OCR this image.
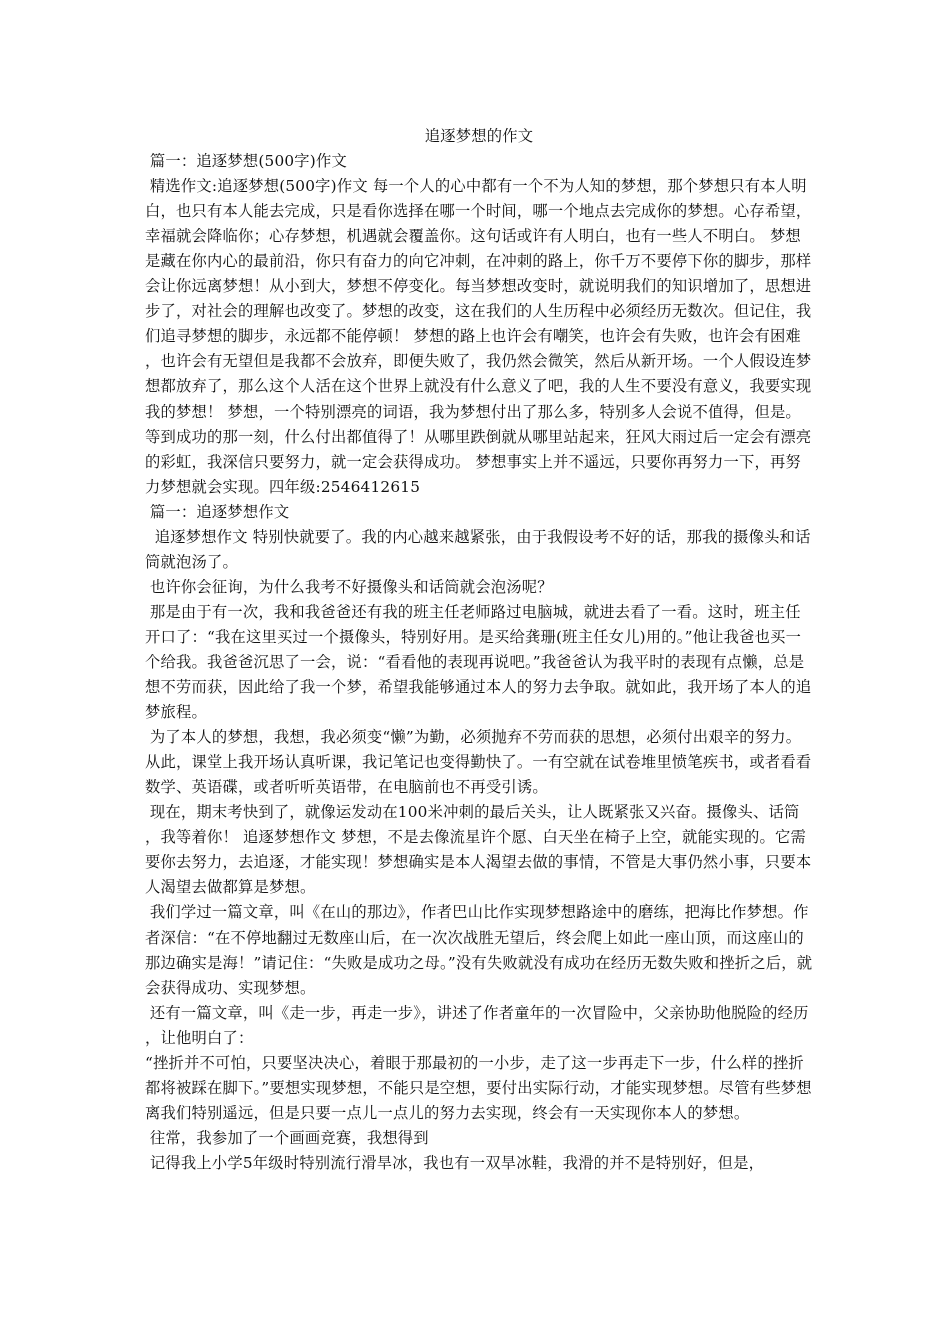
追逐梦想的作文

篇一：追逐梦想(500字)作文

精选作文:追逐梦想(500字)作文 每一个人的心中都有一个不为人知的梦想，那个梦想只有本人明白，也只有本人能去完成，只是看你选择在哪一个时间，哪一个地点去完成你的梦想。心存希望，幸福就会降临你；心存梦想，机遇就会覆盖你。这句话或许有人明白，也有一些人不明白。 梦想是藏在你内心的最前沿，你只有奋力的向它冲刺，在冲刺的路上，你千万不要停下你的脚步，那样会让你远离梦想！从小到大，梦想不停变化。每当梦想改变时，就说明我们的知识增加了，思想进步了，对社会的理解也改变了。梦想的改变，这在我们的人生历程中必须经历无数次。但记住，我们追寻梦想的脚步，永远都不能停顿！ 梦想的路上也许会有嘲笑，也许会有失败，也许会有困难，也许会有无望但是我都不会放弃，即便失败了，我仍然会微笑，然后从新开场。一个人假设连梦想都放弃了，那么这个人活在这个世界上就没有什么意义了吧，我的人生不要没有意义，我要实现我的梦想！ 梦想，一个特别漂亮的词语，我为梦想付出了那么多，特别多人会说不值得，但是。等到成功的那一刻，什么付出都值得了！从哪里跌倒就从哪里站起来，狂风大雨过后一定会有漂亮的彩虹，我深信只要努力，就一定会获得成功。 梦想事实上并不遥远，只要你再努力一下，再努力梦想就会实现。四年级:2546412615

篇一：追逐梦想作文

追逐梦想作文 特别快就要了。我的内心越来越紧张，由于我假设考不好的话，那我的摄像头和话筒就泡汤了。

也许你会征询，为什么我考不好摄像头和话筒就会泡汤呢？

那是由于有一次，我和我爸爸还有我的班主任老师路过电脑城，就进去看了一看。这时，班主任开口了：“我在这里买过一个摄像头，特别好用。是买给龚珊(班主任女儿)用的。”他让我爸也买一个给我。我爸爸沉思了一会，说：“看看他的表现再说吧。”我爸爸认为我平时的表现有点懒，总是想不劳而获，因此给了我一个梦，希望我能够通过本人的努力去争取。就如此，我开场了本人的追梦旅程。

为了本人的梦想，我想，我必须变“懒”为勤，必须抛弃不劳而获的思想，必须付出艰辛的努力。从此，课堂上我开场认真听课，我记笔记也变得勤快了。一有空就在试卷堆里愤笔疾书，或者看看数学、英语碟，或者听听英语带，在电脑前也不再受引诱。

现在，期末考快到了，就像运发动在100米冲刺的最后关头，让人既紧张又兴奋。摄像头、话筒，我等着你！ 追逐梦想作文 梦想，不是去像流星许个愿、白天坐在椅子上空，就能实现的。它需要你去努力，去追逐，才能实现！梦想确实是本人渴望去做的事情，不管是大事仍然小事，只要本人渴望去做都算是梦想。

我们学过一篇文章，叫《在山的那边》，作者巴山比作实现梦想路途中的磨练，把海比作梦想。作者深信：“在不停地翻过无数座山后，在一次次战胜无望后，终会爬上如此一座山顶，而这座山的那边确实是海！”请记住：“失败是成功之母。”没有失败就没有成功在经历无数失败和挫折之后，就会获得成功、实现梦想。

还有一篇文章，叫《走一步，再走一步》，讲述了作者童年的一次冒险中，父亲协助他脱险的经历，让他明白了：

“挫折并不可怕，只要坚决决心，着眼于那最初的一小步，走了这一步再走下一步，什么样的挫折都将被踩在脚下。”要想实现梦想，不能只是空想，要付出实际行动，才能实现梦想。尽管有些梦想离我们特别遥远，但是只要一点儿一点儿的努力去实现，终会有一天实现你本人的梦想。

往常，我参加了一个画画竞赛，我想得到

记得我上小学5年级时特别流行滑旱冰，我也有一双旱冰鞋，我滑的并不是特别好，但是，
